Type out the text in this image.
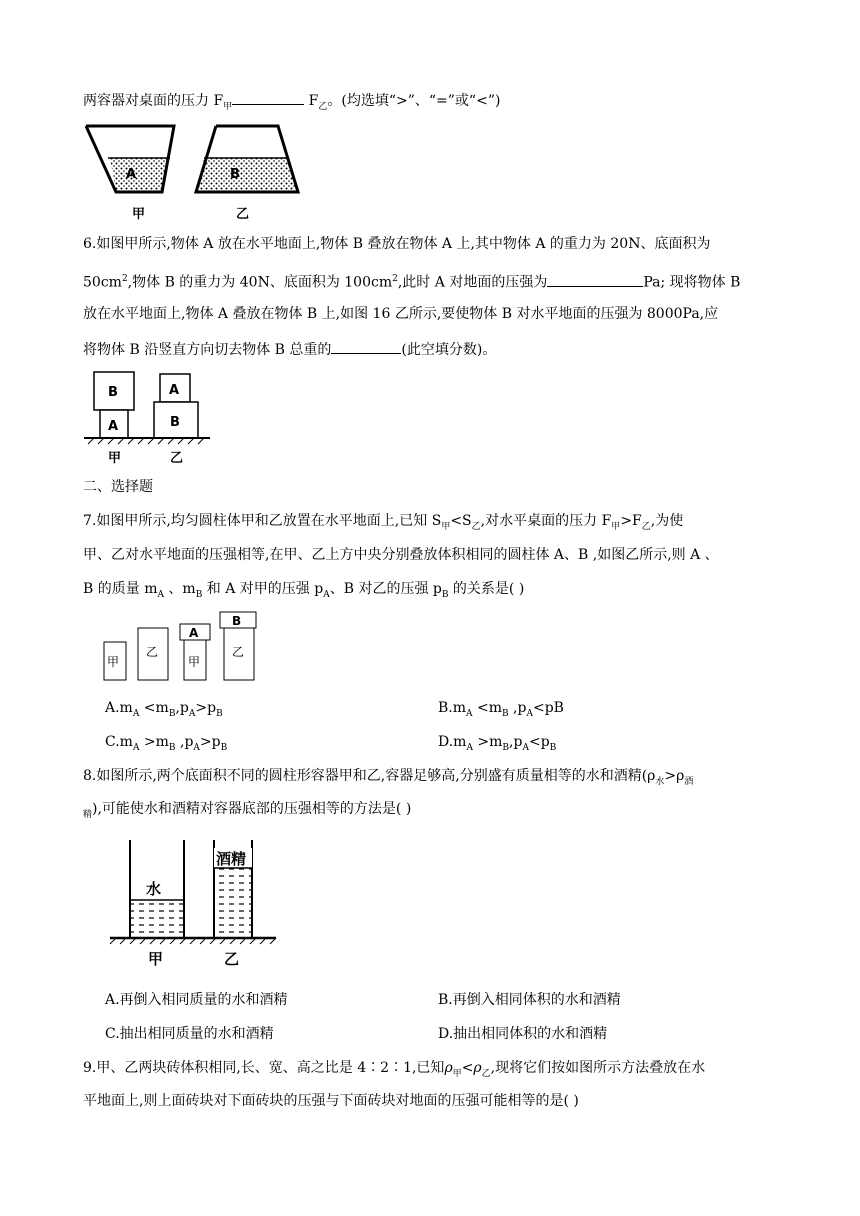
两容器对桌面的压力 $F_甲$	$F_乙$。(均选填“>”、“=”或“<”)
A	B
甲	乙
6.如图甲所示,物体 A 放在水平地面上,物体 B 叠放在物体 A 上,其中物体 A 的重力为 20N、底面积为
$50cm^2$,物体 B 的重力为 40N、底面积为 $100cm^2$,此时 A 对地面的压强为	Pa; 现将物体 B
放在水平地面上,物体 A 叠放在物体 B 上,如图 16 乙所示,要使物体 B 对水平地面的压强为 8000Pa,应
将物体 B 沿竖直方向切去物体 B 总重的	(此空填分数)。
B
A
A
B
甲	乙
二、选择题
7.如图甲所示,均匀圆柱体甲和乙放置在水平地面上,已知 $S_甲<S_乙$,对水平桌面的压力 $F_甲>F_乙$,为使
甲、乙对水平地面的压强相等,在甲、乙上方中央分别叠放体积相同的圆柱体 A、B ,如图乙所示,则 A 、
B 的质量 $m_A$ 、$m_B$ 和 A 对甲的压强 $p_A$、B 对乙的压强 $p_B$ 的关系是( )
甲
乙
A
甲
B
乙
$A.m_A <m_B,p_A>p_B$	$B.m_A <m_B$ $,p_A<pB$
$C.m_A >m_B$ $,p_A>p_B$	$D.m_A >m_B,p_A<p_B$
8.如图所示,两个底面积不同的圆柱形容器甲和乙,容器足够高,分别盛有质量相等的水和酒精($\rho_水>\rho_酒$
$_精$),可能使水和酒精对容器底部的压强相等的方法是( )
水
酒精
甲	乙
A.再倒入相同质量的水和酒精	B.再倒入相同体积的水和酒精
C.抽出相同质量的水和酒精	D.抽出相同体积的水和酒精
9.甲、乙两块砖体积相同,长、宽、高之比是 4∶2∶1,已知$\rho_甲<\rho_乙$,现将它们按如图所示方法叠放在水
平地面上,则上面砖块对下面砖块的压强与下面砖块对地面的压强可能相等的是( )
